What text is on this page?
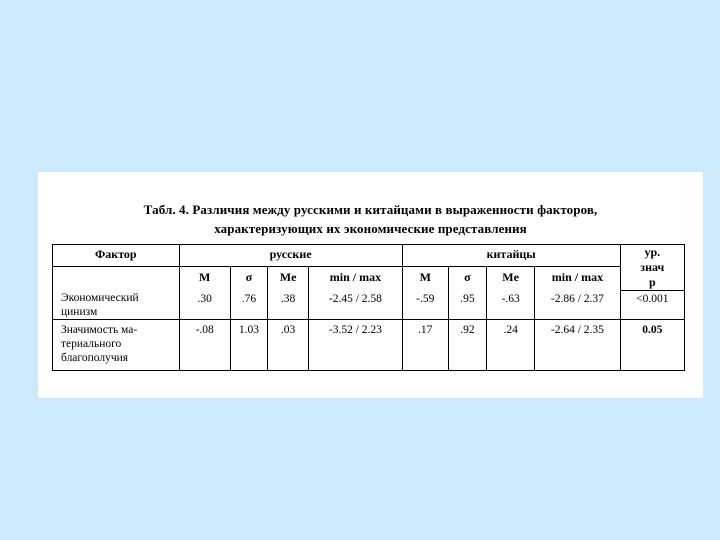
Табл. 4. Различия между русскими и китайцами в выраженности факторов,
характеризующих их экономические представления
Фактор	русские				китайцы				ур.
знач
p

	M	σ	Me	min / max	M	σ	Me	min / max	

Экономический
цинизм	.30	.76	.38	-2.45 / 2.58	-.59	.95	-.63	-2.86 / 2.37	<0.001

Значимость ма-
териального
благополучия	-.08	1.03	.03	-3.52 / 2.23	.17	.92	.24	-2.64 / 2.35	0.05
